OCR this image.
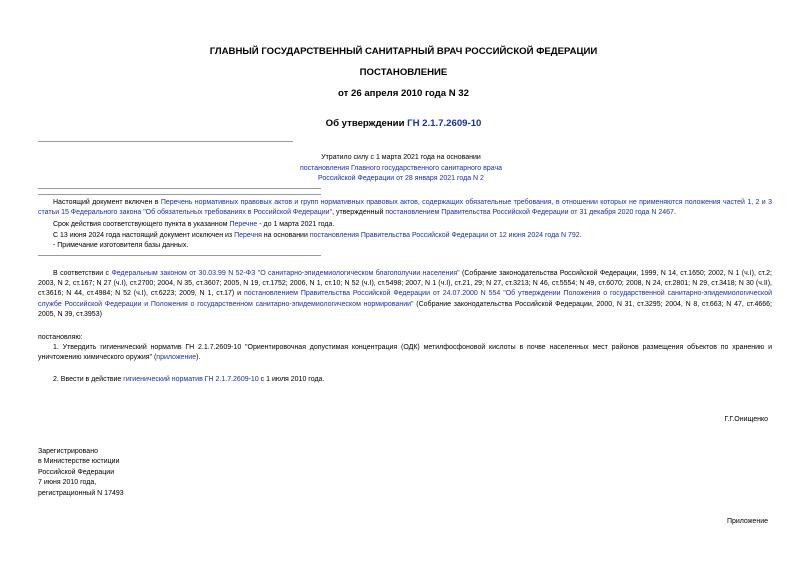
ГЛАВНЫЙ ГОСУДАРСТВЕННЫЙ САНИТАРНЫЙ ВРАЧ РОССИЙСКОЙ ФЕДЕРАЦИИ
ПОСТАНОВЛЕНИЕ
от 26 апреля 2010 года N 32
Об утверждении ГН 2.1.7.2609-10
Утратило силу с 1 марта 2021 года на основании
постановления Главного государственного санитарного врача
Российской Федерации от 28 января 2021 года N 2
Настоящий документ включен в Перечень нормативных правовых актов и групп нормативных правовых актов, содержащих обязательные требования, в отношении которых не применяются положения частей 1, 2 и 3 статьи 15 Федерального закона "Об обязательных требованиях в Российской Федерации", утвержденный постановлением Правительства Российской Федерации от 31 декабря 2020 года N 2467.
Срок действия соответствующего пункта в указанном Перечне - до 1 марта 2021 года.
С 13 июня 2024 года настоящий документ исключен из Перечня на основании постановления Правительства Российской Федерации от 12 июня 2024 года N 792.
- Примечание изготовителя базы данных.
В соответствии с Федеральным законом от 30.03.99 N 52-ФЗ "О санитарно-эпидемиологическом благополучии населения" (Собрание законодательства Российской Федерации, 1999, N 14, ст.1650; 2002, N 1 (ч.I), ст.2; 2003, N 2, ст.167; N 27 (ч.I), ст.2700; 2004, N 35, ст.3607; 2005, N 19, ст.1752; 2006, N 1, ст.10; N 52 (ч.I), ст.5498; 2007, N 1 (ч.I), ст.21, 29; N 27, ст.3213; N 46, ст.5554; N 49, ст.6070; 2008, N 24, ст.2801; N 29, ст.3418; N 30 (ч.II), ст.3616; N 44, ст.4984; N 52 (ч.I), ст.6223; 2009, N 1, ст.17) и постановлением Правительства Российской Федерации от 24.07.2000 N 554 "Об утверждении Положения о государственной санитарно-эпидемиологической службе Российской Федерации и Положения о государственном санитарно-эпидемиологическом нормировании" (Собрание законодательства Российской Федерации, 2000, N 31, ст.3295; 2004, N 8, ст.663; N 47, ст.4666; 2005, N 39, ст.3953)
постановляю:
1. Утвердить гигиенический норматив ГН 2.1.7.2609-10 "Ориентировочная допустимая концентрация (ОДК) метилфосфоновой кислоты в почве населенных мест районов размещения объектов по хранению и уничтожению химического оружия" (приложение).
2. Ввести в действие гигиенический норматив ГН 2.1.7.2609-10 с 1 июля 2010 года.
Г.Г.Онищенко
Зарегистрировано
в Министерстве юстиции
Российской Федерации
7 июня 2010 года,
регистрационный N 17493
Приложение
